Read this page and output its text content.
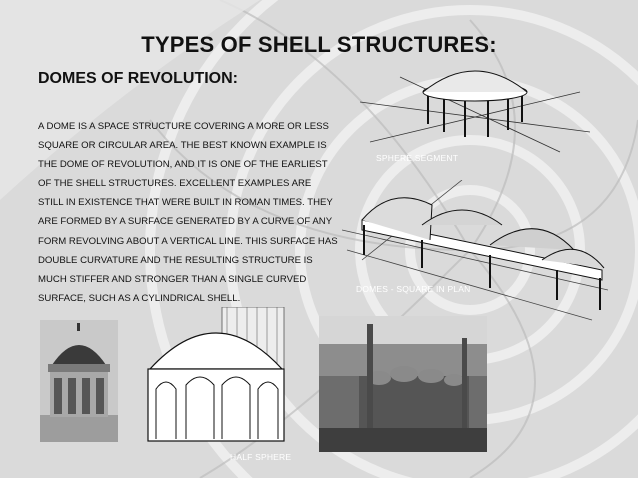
TYPES OF SHELL STRUCTURES:
DOMES OF REVOLUTION:
A DOME IS A SPACE STRUCTURE COVERING A MORE OR LESS SQUARE OR CIRCULAR AREA. THE BEST KNOWN EXAMPLE IS THE DOME OF REVOLUTION, AND IT IS ONE OF THE EARLIEST OF THE SHELL STRUCTURES. EXCELLENT EXAMPLES ARE STILL IN EXISTENCE THAT WERE BUILT IN ROMAN TIMES. THEY ARE FORMED BY A SURFACE GENERATED BY A CURVE OF ANY FORM REVOLVING ABOUT A VERTICAL LINE. THIS SURFACE HAS DOUBLE CURVATURE AND THE RESULTING STRUCTURE IS MUCH STIFFER AND STRONGER THAN A SINGLE CURVED SURFACE, SUCH AS A CYLINDRICAL SHELL.
SPHERE SEGMENT
DOMES - SQUARE IN PLAN
HALF SPHERE
